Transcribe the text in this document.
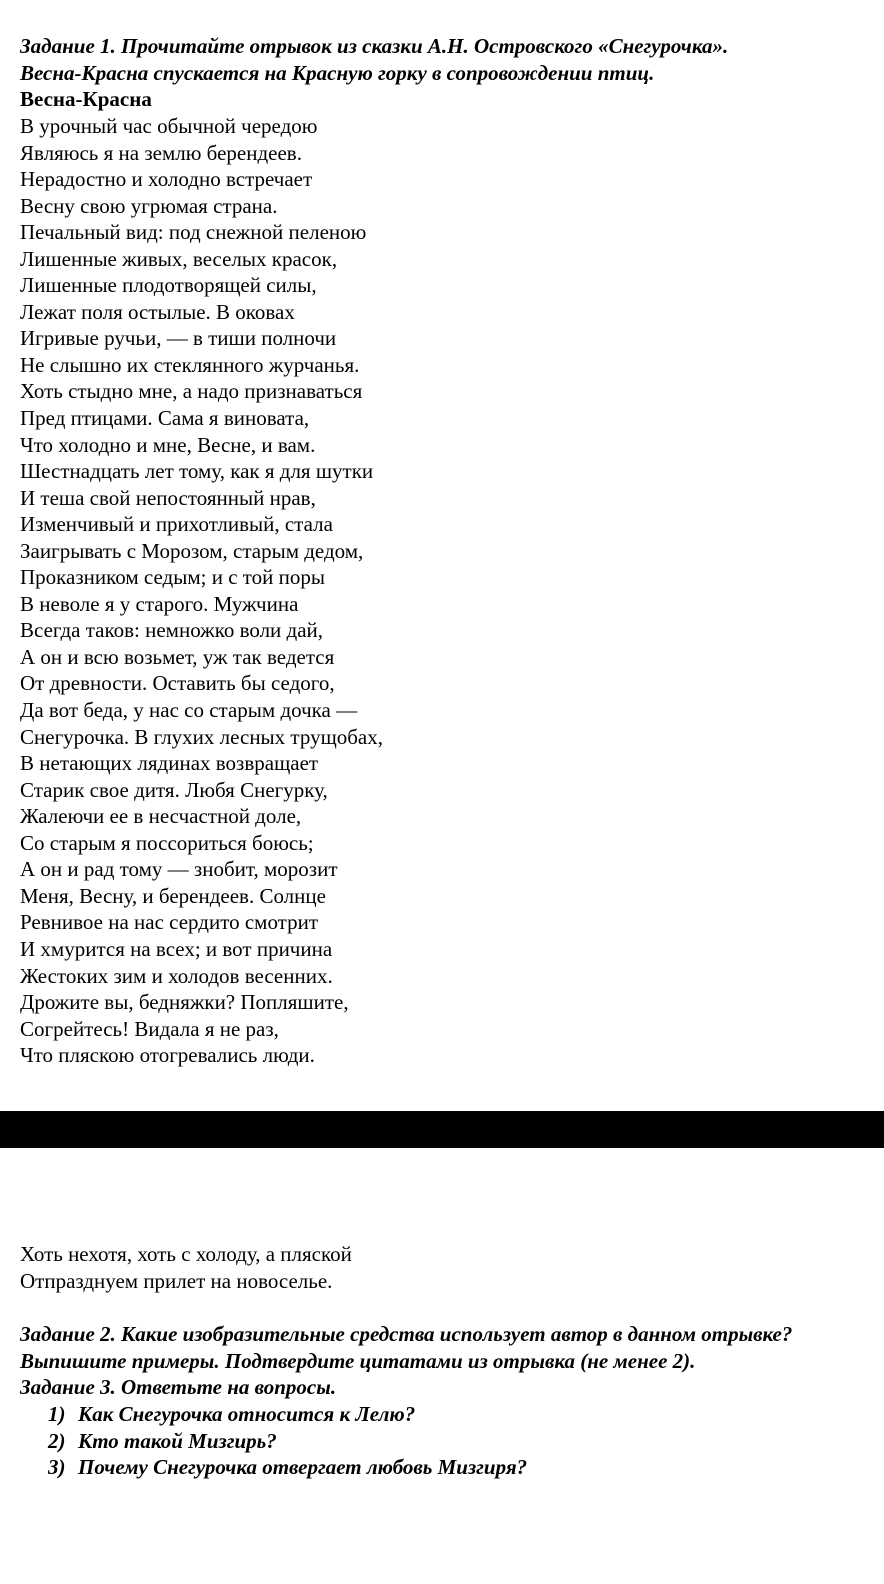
Задание 1. Прочитайте отрывок из сказки А.Н. Островского «Снегурочка».

Весна-Красна спускается на Красную горку в сопровождении птиц.

Весна-Красна

В урочный час обычной чередою
Являюсь я на землю берендеев.
Нерадостно и холодно встречает
Весну свою угрюмая страна.
Печальный вид: под снежной пеленою
Лишенные живых, веселых красок,
Лишенные плодотворящей силы,
Лежат поля остылые. В оковах
Игривые ручьи, — в тиши полночи
Не слышно их стеклянного журчанья.
Хоть стыдно мне, а надо признаваться
Пред птицами. Сама я виновата,
Что холодно и мне, Весне, и вам.
Шестнадцать лет тому, как я для шутки
И теша свой непостоянный нрав,
Изменчивый и прихотливый, стала
Заигрывать с Морозом, старым дедом,
Проказником седым; и с той поры
В неволе я у старого. Мужчина
Всегда таков: немножко воли дай,
А он и всю возьмет, уж так ведется
От древности. Оставить бы седого,
Да вот беда, у нас со старым дочка —
Снегурочка. В глухих лесных трущобах,
В нетающих лядинах возвращает
Старик свое дитя. Любя Снегурку,
Жалеючи ее в несчастной доле,
Со старым я поссориться боюсь;
А он и рад тому — знобит, морозит
Меня, Весну, и берендеев. Солнце
Ревнивое на нас сердито смотрит
И хмурится на всех; и вот причина
Жестоких зим и холодов весенних.
Дрожите вы, бедняжки? Попляшите,
Согрейтесь! Видала я не раз,
Что пляскою отогревались люди.
Хоть нехотя, хоть с холоду, а пляской
Отпразднуем прилет на новоселье.

Задание 2. Какие изобразительные средства использует автор в данном отрывке? Выпишите примеры. Подтвердите цитатами из отрывка (не менее 2).

Задание 3. Ответьте на вопросы.

1) Как Снегурочка относится к Лелю?
2) Кто такой Мизгирь?
3) Почему Снегурочка отвергает любовь Мизгиря?
